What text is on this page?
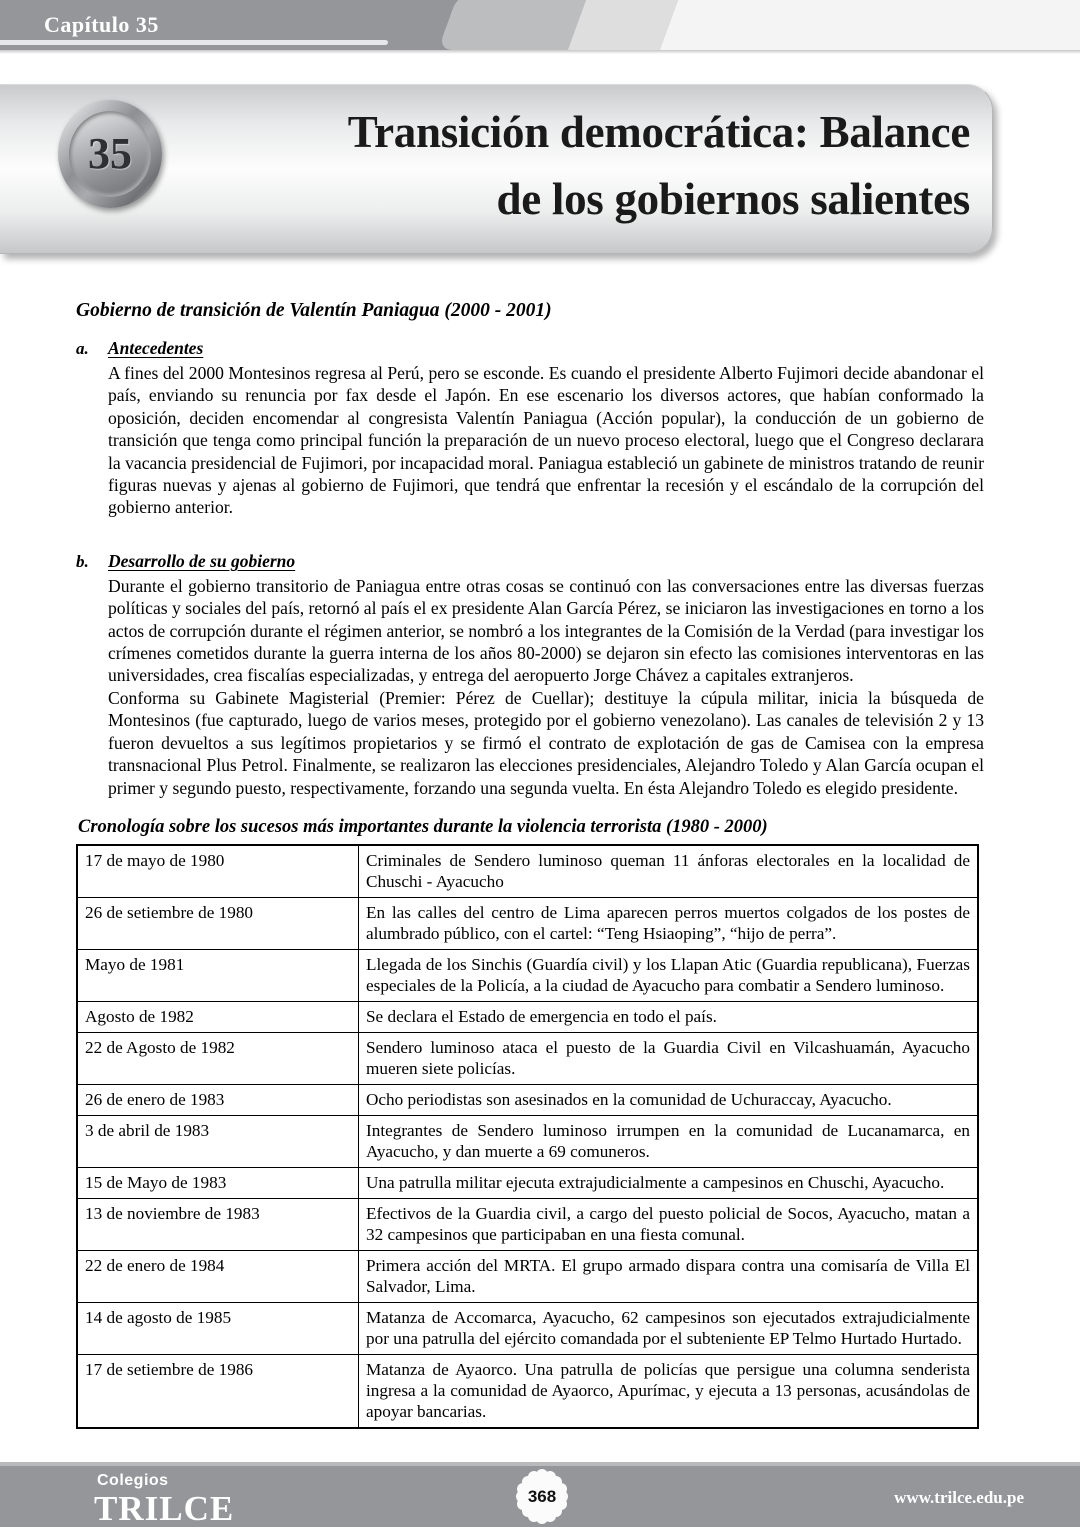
Capítulo 35
Transición democrática: Balance
de los gobiernos salientes
35
Gobierno de transición de Valentín Paniagua (2000 - 2001)
a.	Antecedentes

A fines del 2000 Montesinos regresa al Perú, pero se esconde. Es cuando el presidente Alberto Fujimori decide abandonar el país, enviando su renuncia por fax desde el Japón. En ese escenario los diversos actores, que habían conformado la oposición, deciden encomendar al congresista Valentín Paniagua (Acción popular), la conducción de un gobierno de transición que tenga como principal función la preparación de un nuevo proceso electoral, luego que el Congreso declarara la vacancia presidencial de Fujimori, por incapacidad moral. Paniagua estableció un gabinete de ministros tratando de reunir figuras nuevas y ajenas al gobierno de Fujimori, que tendrá que enfrentar la recesión y el escándalo de la corrupción del gobierno anterior.

b.	Desarrollo de su gobierno

Durante el gobierno transitorio de Paniagua entre otras cosas se continuó con las conversaciones entre las diversas fuerzas políticas y sociales del país, retornó al país el ex presidente Alan García Pérez, se iniciaron las investigaciones en torno a los actos de corrupción durante el régimen anterior, se nombró a los integrantes de la Comisión de la Verdad (para investigar los crímenes cometidos durante la guerra interna de los años 80-2000) se dejaron sin efecto las comisiones interventoras en las universidades, crea fiscalías especializadas, y entrega del aeropuerto Jorge Chávez a capitales extranjeros.

Conforma su Gabinete Magisterial (Premier: Pérez de Cuellar); destituye la cúpula militar, inicia la búsqueda de Montesinos (fue capturado, luego de varios meses, protegido por el gobierno venezolano). Las canales de televisión 2 y 13 fueron devueltos a sus legítimos propietarios y se firmó el contrato de explotación de gas de Camisea con la empresa transnacional Plus Petrol. Finalmente, se realizaron las elecciones presidenciales, Alejandro Toledo y Alan García ocupan el primer y segundo puesto, respectivamente, forzando una segunda vuelta. En ésta Alejandro Toledo es elegido presidente.

Cronología sobre los sucesos más importantes durante la violencia terrorista (1980 - 2000)
17 de mayo de 1980	Criminales de Sendero luminoso queman 11 ánforas electorales en la localidad de Chuschi - Ayacucho
26 de setiembre de 1980	En las calles del centro de Lima aparecen perros muertos colgados de los postes de alumbrado público, con el cartel: “Teng Hsiaoping”, “hijo de perra”.
Mayo de 1981	Llegada de los Sinchis (Guardía civil) y los Llapan Atic (Guardia republicana), Fuerzas especiales de la Policía, a la ciudad de Ayacucho para combatir a Sendero luminoso.
Agosto de 1982	Se declara el Estado de emergencia en todo el país.
22 de Agosto de 1982	Sendero luminoso ataca el puesto de la Guardia Civil en Vilcashuamán, Ayacucho mueren siete policías.
26 de enero de 1983	Ocho periodistas son asesinados en la comunidad de Uchuraccay, Ayacucho.
3 de abril de 1983	Integrantes de Sendero luminoso irrumpen en la comunidad de Lucanamarca, en Ayacucho, y dan muerte a 69 comuneros.
15 de Mayo de 1983	Una patrulla militar ejecuta extrajudicialmente a campesinos en Chuschi, Ayacucho.
13 de noviembre de 1983	Efectivos de la Guardia civil, a cargo del puesto policial de Socos, Ayacucho, matan a 32 campesinos que participaban en una fiesta comunal.
22 de enero de 1984	Primera acción del MRTA. El grupo armado dispara contra una comisaría de Villa El Salvador, Lima.
14 de agosto de 1985	Matanza de Accomarca, Ayacucho, 62 campesinos son ejecutados extrajudicialmente por una patrulla del ejército comandada por el subteniente EP Telmo Hurtado Hurtado.
17 de setiembre de 1986	Matanza de Ayaorco. Una patrulla de policías que persigue una columna senderista ingresa a la comunidad de Ayaorco, Apurímac, y ejecuta a 13 personas, acusándolas de apoyar bancarias.
Colegios
TRILCE	www.trilce.edu.pe
368
